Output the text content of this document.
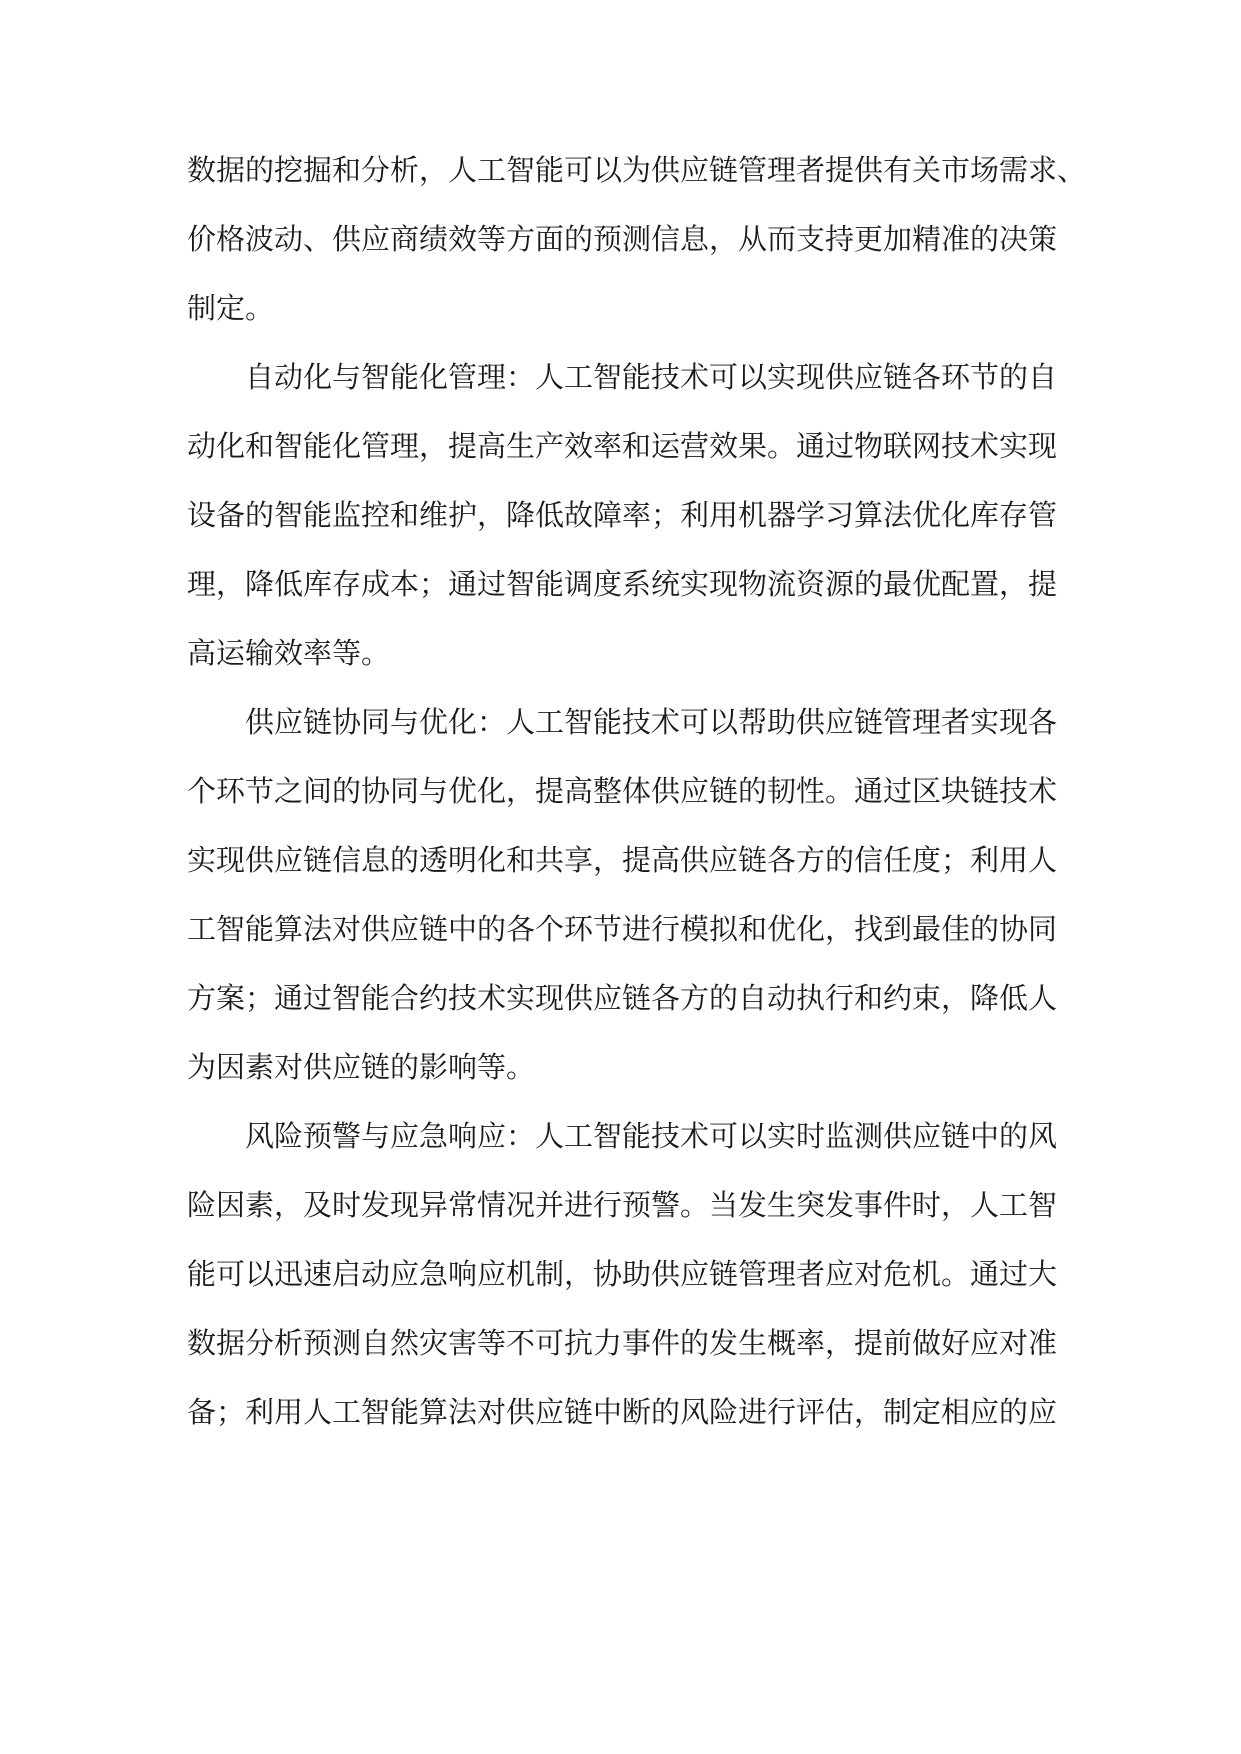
数据的挖掘和分析，人工智能可以为供应链管理者提供有关市场需求、
价格波动、供应商绩效等方面的预测信息，从而支持更加精准的决策
制定。
自动化与智能化管理：人工智能技术可以实现供应链各环节的自
动化和智能化管理，提高生产效率和运营效果。通过物联网技术实现
设备的智能监控和维护，降低故障率；利用机器学习算法优化库存管
理，降低库存成本；通过智能调度系统实现物流资源的最优配置，提
高运输效率等。
供应链协同与优化：人工智能技术可以帮助供应链管理者实现各
个环节之间的协同与优化，提高整体供应链的韧性。通过区块链技术
实现供应链信息的透明化和共享，提高供应链各方的信任度；利用人
工智能算法对供应链中的各个环节进行模拟和优化，找到最佳的协同
方案；通过智能合约技术实现供应链各方的自动执行和约束，降低人
为因素对供应链的影响等。
风险预警与应急响应：人工智能技术可以实时监测供应链中的风
险因素，及时发现异常情况并进行预警。当发生突发事件时，人工智
能可以迅速启动应急响应机制，协助供应链管理者应对危机。通过大
数据分析预测自然灾害等不可抗力事件的发生概率，提前做好应对准
备；利用人工智能算法对供应链中断的风险进行评估，制定相应的应
